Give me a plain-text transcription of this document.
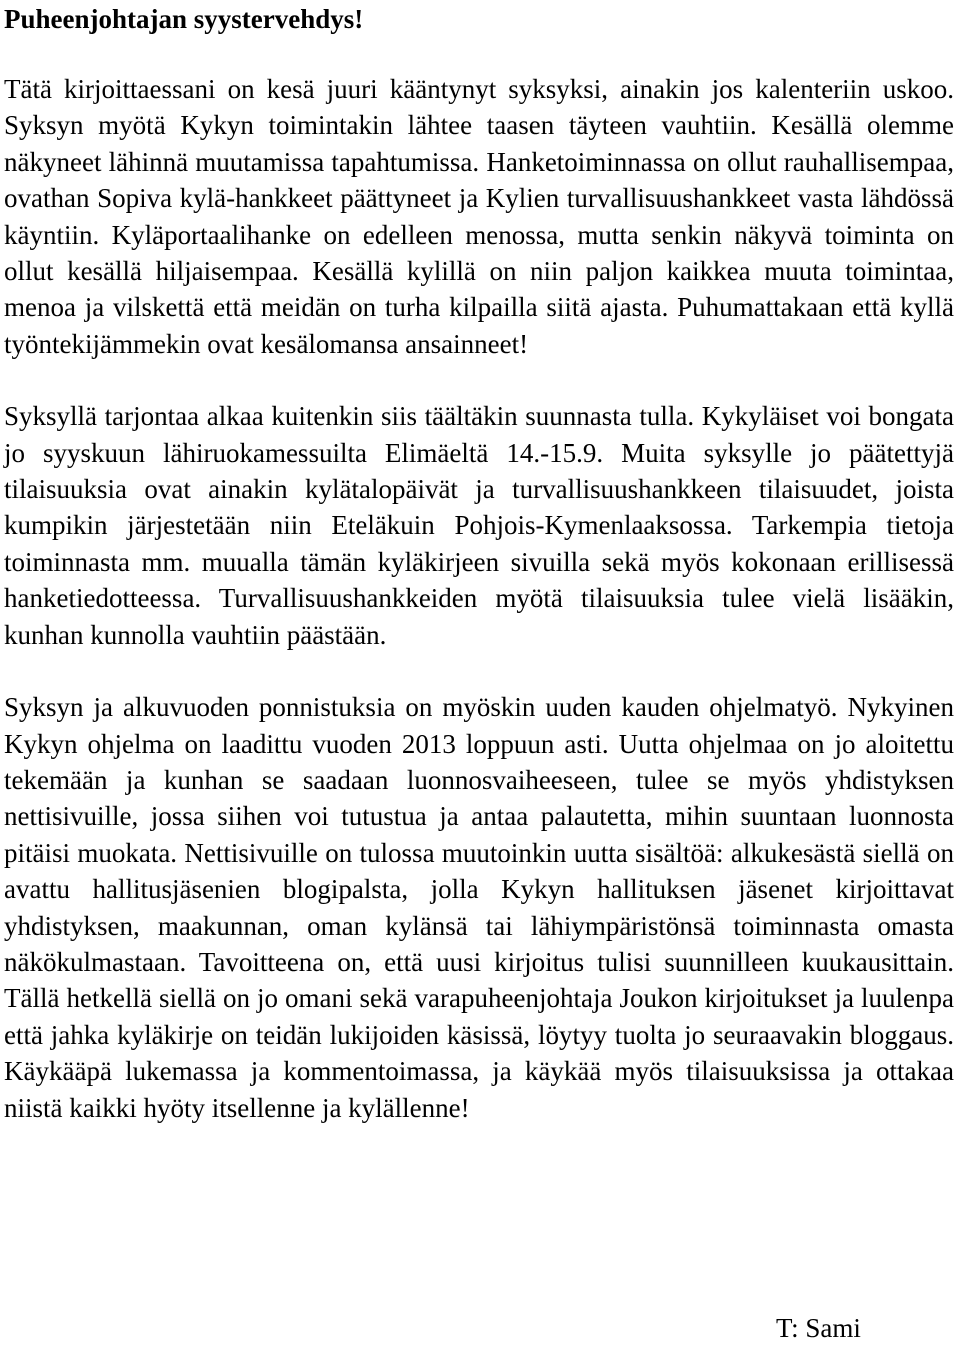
Puheenjohtajan syystervehdys!

Tätä kirjoittaessani on kesä juuri kääntynyt syksyksi, ainakin jos kalenteriin uskoo. Syksyn myötä Kykyn toimintakin lähtee taasen täyteen vauhtiin. Kesällä olemme näkyneet lähinnä muutamissa tapahtumissa. Hanketoiminnassa on ollut rauhallisempaa, ovathan Sopiva kylä-hankkeet päättyneet ja Kylien turvallisuushankkeet vasta lähdössä käyntiin. Kyläportaalihanke on edelleen menossa, mutta senkin näkyvä toiminta on ollut kesällä hiljaisempaa. Kesällä kylillä on niin paljon kaikkea muuta toimintaa, menoa ja vilskettä että meidän on turha kilpailla siitä ajasta. Puhumattakaan että kyllä työntekijämmekin ovat kesälomansa ansainneet!

Syksyllä tarjontaa alkaa kuitenkin siis täältäkin suunnasta tulla. Kykyläiset voi bongata jo syyskuun lähiruokamessuilta Elimäeltä 14.-15.9. Muita syksylle jo päätettyjä tilaisuuksia ovat ainakin kylätalopäivät ja turvallisuushankkeen tilaisuudet, joista kumpikin järjestetään niin Eteläkuin Pohjois-Kymenlaaksossa. Tarkempia tietoja toiminnasta mm. muualla tämän kyläkirjeen sivuilla sekä myös kokonaan erillisessä hanketiedotteessa. Turvallisuushankkeiden myötä tilaisuuksia tulee vielä lisääkin, kunhan kunnolla vauhtiin päästään.

Syksyn ja alkuvuoden ponnistuksia on myöskin uuden kauden ohjelmatyö. Nykyinen Kykyn ohjelma on laadittu vuoden 2013 loppuun asti. Uutta ohjelmaa on jo aloitettu tekemään ja kunhan se saadaan luonnosvaiheeseen, tulee se myös yhdistyksen nettisivuille, jossa siihen voi tutustua ja antaa palautetta, mihin suuntaan luonnosta pitäisi muokata. Nettisivuille on tulossa muutoinkin uutta sisältöä: alkukesästä siellä on avattu hallitusjäsenien blogipalsta, jolla Kykyn hallituksen jäsenet kirjoittavat yhdistyksen, maakunnan, oman kylänsä tai lähiympäristönsä toiminnasta omasta näkökulmastaan. Tavoitteena on, että uusi kirjoitus tulisi suunnilleen kuukausittain. Tällä hetkellä siellä on jo omani sekä varapuheenjohtaja Joukon kirjoitukset ja luulenpa että jahka kyläkirje on teidän lukijoiden käsissä, löytyy tuolta jo seuraavakin bloggaus. Käykääpä lukemassa ja kommentoimassa, ja käykää myös tilaisuuksissa ja ottakaa niistä kaikki hyöty itsellenne ja kylällenne!

T: Sami
